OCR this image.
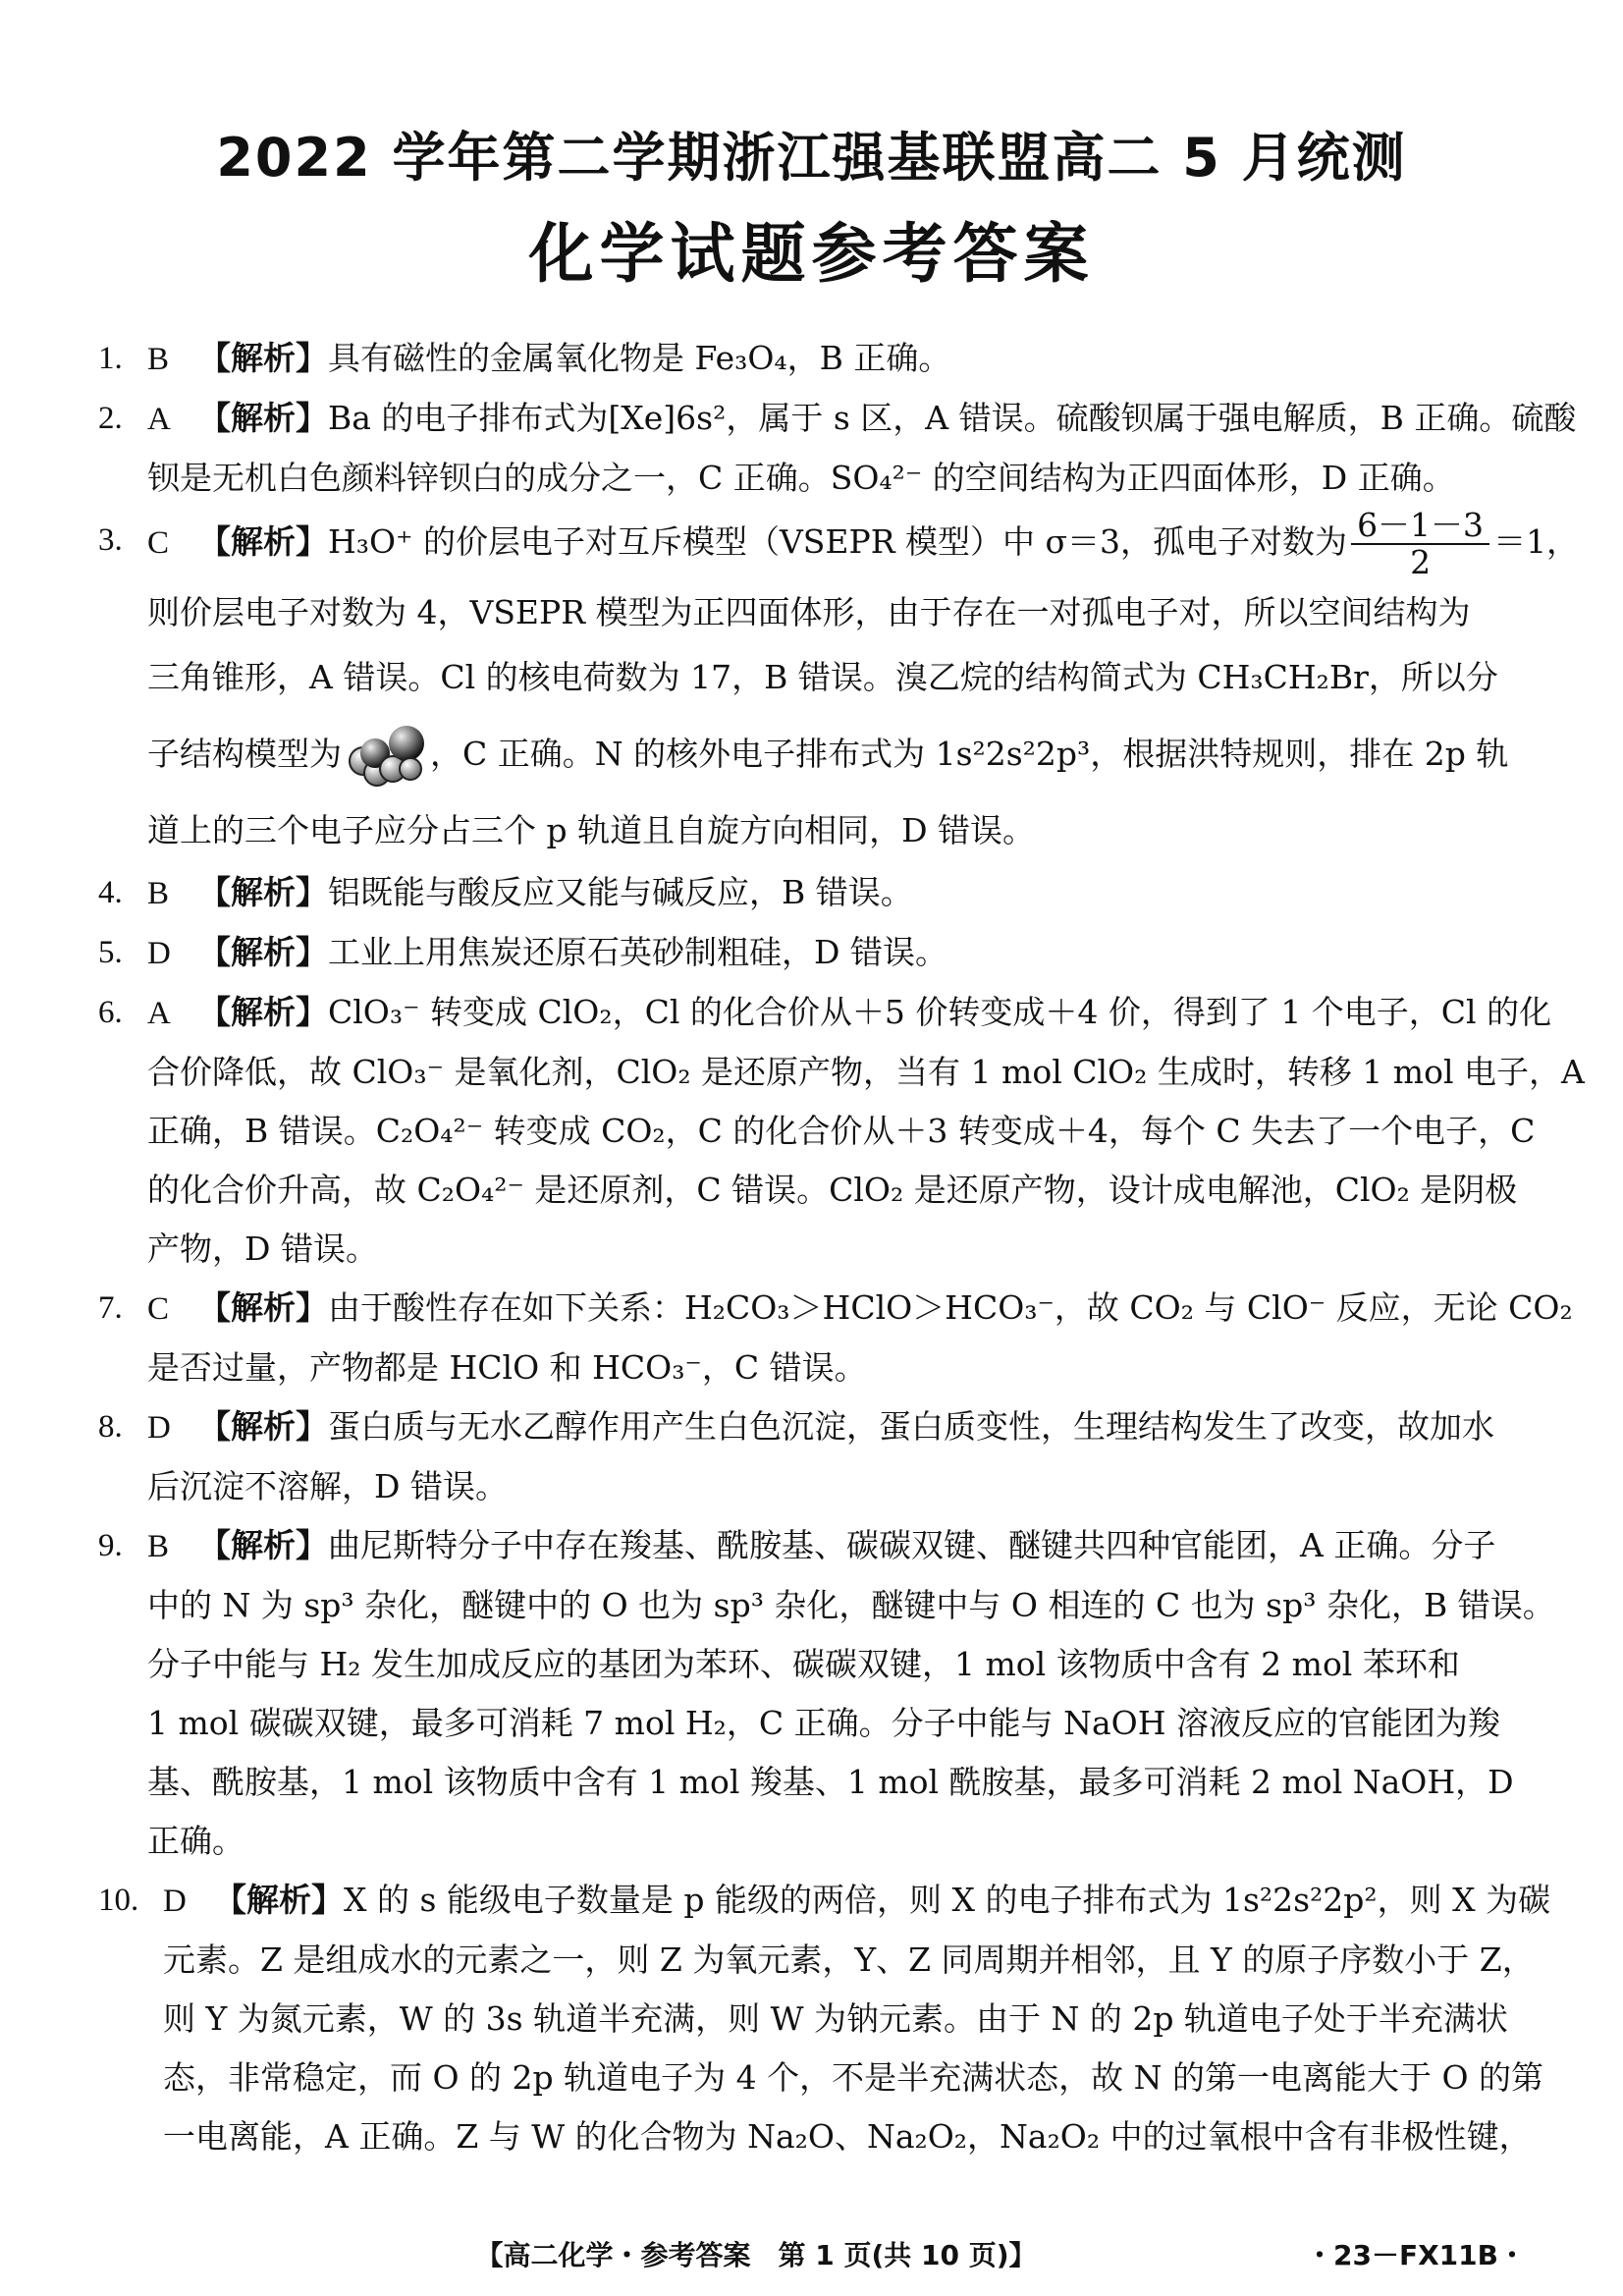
2022 学年第二学期浙江强基联盟高二 5 月统测
化学试题参考答案
1. B 【解析】具有磁性的金属氧化物是 Fe₃O₄，B 正确。
2. A 【解析】Ba 的电子排布式为[Xe]6s²，属于 s 区，A 错误。硫酸钡属于强电解质，B 正确。硫酸
钡是无机白色颜料锌钡白的成分之一，C 正确。SO₄²⁻ 的空间结构为正四面体形，D 正确。
3. C 【解析】H₃O⁺ 的价层电子对互斥模型（VSEPR 模型）中 σ＝3，孤电子对数为 $\frac{6-1-3}{2} =1$，
则价层电子对数为 4，VSEPR 模型为正四面体形，由于存在一对孤电子对，所以空间结构为
三角锥形，A 错误。Cl 的核电荷数为 17，B 错误。溴乙烷的结构简式为 CH₃CH₂Br，所以分
子结构模型为	，C 正确。N 的核外电子排布式为 1s²2s²2p³，根据洪特规则，排在 2p 轨
道上的三个电子应分占三个 p 轨道且自旋方向相同，D 错误。
4. B 【解析】铝既能与酸反应又能与碱反应，B 错误。
5. D 【解析】工业上用焦炭还原石英砂制粗硅，D 错误。
6. A 【解析】ClO₃⁻ 转变成 ClO₂，Cl 的化合价从＋5 价转变成＋4 价，得到了 1 个电子，Cl 的化
合价降低，故 ClO₃⁻ 是氧化剂，ClO₂ 是还原产物，当有 1 mol ClO₂ 生成时，转移 1 mol 电子，A
正确，B 错误。C₂O₄²⁻ 转变成 CO₂，C 的化合价从＋3 转变成＋4，每个 C 失去了一个电子，C
的化合价升高，故 C₂O₄²⁻ 是还原剂，C 错误。ClO₂ 是还原产物，设计成电解池，ClO₂ 是阴极
产物，D 错误。
7. C 【解析】由于酸性存在如下关系：H₂CO₃＞HClO＞HCO₃⁻，故 CO₂ 与 ClO⁻ 反应，无论 CO₂
是否过量，产物都是 HClO 和 HCO₃⁻，C 错误。
8. D 【解析】蛋白质与无水乙醇作用产生白色沉淀，蛋白质变性，生理结构发生了改变，故加水
后沉淀不溶解，D 错误。
9. B 【解析】曲尼斯特分子中存在羧基、酰胺基、碳碳双键、醚键共四种官能团，A 正确。分子
中的 N 为 sp³ 杂化，醚键中的 O 也为 sp³ 杂化，醚键中与 O 相连的 C 也为 sp³ 杂化，B 错误。
分子中能与 H₂ 发生加成反应的基团为苯环、碳碳双键，1 mol 该物质中含有 2 mol 苯环和
1 mol 碳碳双键，最多可消耗 7 mol H₂，C 正确。分子中能与 NaOH 溶液反应的官能团为羧
基、酰胺基，1 mol 该物质中含有 1 mol 羧基、1 mol 酰胺基，最多可消耗 2 mol NaOH，D
正确。
10. D 【解析】X 的 s 能级电子数量是 p 能级的两倍，则 X 的电子排布式为 1s²2s²2p²，则 X 为碳
元素。Z 是组成水的元素之一，则 Z 为氧元素，Y、Z 同周期并相邻，且 Y 的原子序数小于 Z，
则 Y 为氮元素，W 的 3s 轨道半充满，则 W 为钠元素。由于 N 的 2p 轨道电子处于半充满状
态，非常稳定，而 O 的 2p 轨道电子为 4 个，不是半充满状态，故 N 的第一电离能大于 O 的第
一电离能，A 正确。Z 与 W 的化合物为 Na₂O、Na₂O₂，Na₂O₂ 中的过氧根中含有非极性键，
【高二化学・参考答案　第 1 页(共 10 页)】	・23－FX11B・
